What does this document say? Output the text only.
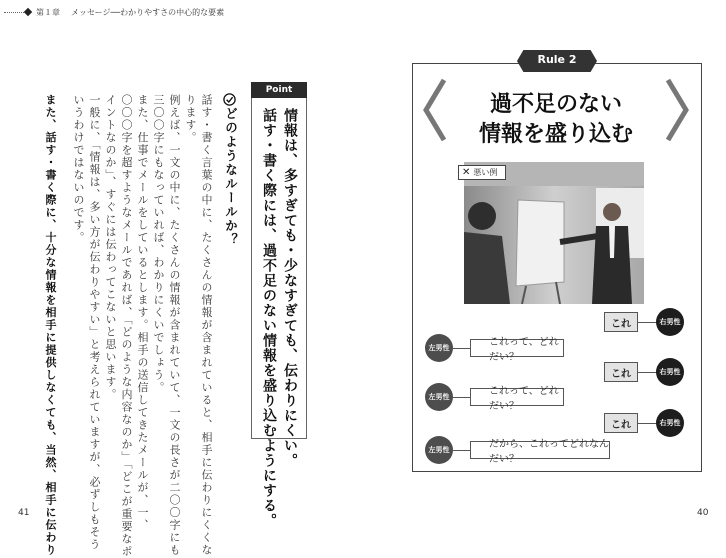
第１章 メッセージ──わかりやすさの中心的な要素
Point
情報は、多すぎても・少なすぎても、伝わりにくい。
話す・書く際には、過不足のない情報を盛り込むようにする。
どのようなルールか？
話す・書く言葉の中に、たくさんの情報が含まれていると、相手に伝わりにくくな
ります。
例えば、一文の中に、たくさんの情報が含まれていて、一文の長さが二〇〇字にも
三〇〇字にもなっていれば、わかりにくいでしょう。
また、仕事でメールをしているとします。相手の送信してきたメールが、一、
〇〇〇字を超すようなメールであれば、「どのような内容なのか」「どこが重要なポ
イントなのか」、すぐには伝わってこないと思います。
一般に、「情報は、多い方が伝わりやすい」と考えられていますが、必ずしもそう
いうわけではないのです。
また、話す・書く際に、十分な情報を相手に提供しなくても、当然、相手に伝わり
41
Rule 2
過不足のない
情報を盛り込む
✕ 悪い例
これ	右男性
左男性	これって、どれだい？
これ	右男性
左男性	これって、どれだい？
これ	右男性
左男性	だから、これってどれなんだい？
40
